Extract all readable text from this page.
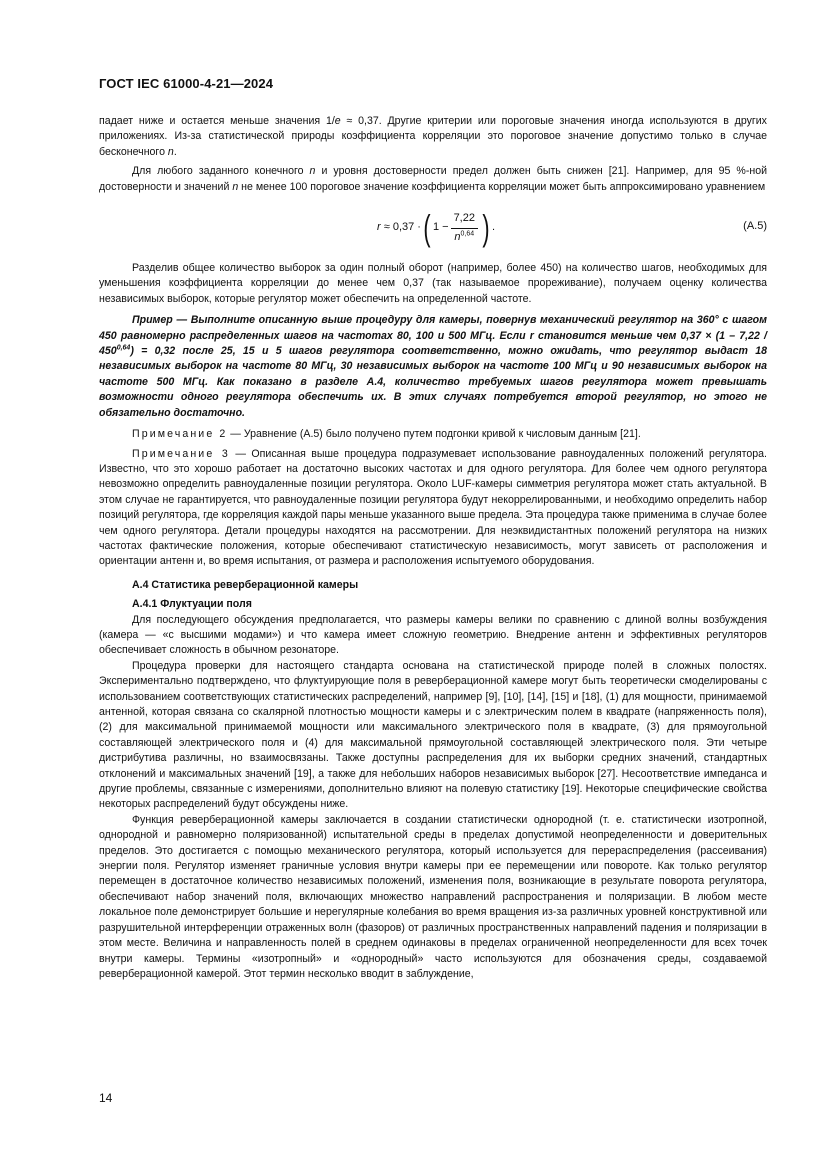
ГОСТ IEC 61000-4-21—2024

падает ниже и остается меньше значения 1/e ≈ 0,37. Другие критерии или пороговые значения иногда используются в других приложениях. Из-за статистической природы коэффициента корреляции это пороговое значение допустимо только в случае бесконечного n.

Для любого заданного конечного n и уровня достоверности предел должен быть снижен [21]. Например, для 95 %-ной достоверности и значений n не менее 100 пороговое значение коэффициента корреляции может быть аппроксимировано уравнением

r ≈ 0,37 · ( $1 - \frac{7,22}{n^{0,64}}$ ) .	(А.5)

Разделив общее количество выборок за один полный оборот (например, более 450) на количество шагов, необходимых для уменьшения коэффициента корреляции до менее чем 0,37 (так называемое прореживание), получаем оценку количества независимых выборок, которые регулятор может обеспечить на определенной частоте.

Пример — Выполните описанную выше процедуру для камеры, повернув механический регулятор на 360° с шагом 450 равномерно распределенных шагов на частотах 80, 100 и 500 МГц. Если r становится меньше чем $0,37 \times (1 - 7,22 / 450^{0,64}) = 0,32$ после 25, 15 и 5 шагов регулятора соответственно, можно ожидать, что регулятор выдаст 18 независимых выборок на частоте 80 МГц, 30 независимых выборок на частоте 100 МГц и 90 независимых выборок на частоте 500 МГц. Как показано в разделе А.4, количество требуемых шагов регулятора может превышать возможности одного регулятора обеспечить их. В этих случаях потребуется второй регулятор, но этого не обязательно достаточно.

Примечание 2 — Уравнение (А.5) было получено путем подгонки кривой к числовым данным [21].

Примечание 3 — Описанная выше процедура подразумевает использование равноудаленных положений регулятора. Известно, что это хорошо работает на достаточно высоких частотах и для одного регулятора. Для более чем одного регулятора невозможно определить равноудаленные позиции регулятора. Около LUF-камеры симметрия регулятора может стать актуальной. В этом случае не гарантируется, что равноудаленные позиции регулятора будут некоррелированными, и необходимо определить набор позиций регулятора, где корреляция каждой пары меньше указанного выше предела. Эта процедура также применима в случае более чем одного регулятора. Детали процедуры находятся на рассмотрении. Для неэквидистантных положений регулятора на низких частотах фактические положения, которые обеспечивают статистическую независимость, могут зависеть от расположения и ориентации антенн и, во время испытания, от размера и расположения испытуемого оборудования.

А.4 Статистика реверберационной камеры

А.4.1 Флуктуации поля

Для последующего обсуждения предполагается, что размеры камеры велики по сравнению с длиной волны возбуждения (камера — «с высшими модами») и что камера имеет сложную геометрию. Внедрение антенн и эффективных регуляторов обеспечивает сложность в обычном резонаторе.

Процедура проверки для настоящего стандарта основана на статистической природе полей в сложных полостях. Экспериментально подтверждено, что флуктуирующие поля в реверберационной камере могут быть теоретически смоделированы с использованием соответствующих статистических распределений, например [9], [10], [14], [15] и [18], (1) для мощности, принимаемой антенной, которая связана со скалярной плотностью мощности камеры и с электрическим полем в квадрате (напряженность поля), (2) для максимальной принимаемой мощности или максимального электрического поля в квадрате, (3) для прямоугольной составляющей электрического поля и (4) для максимальной прямоугольной составляющей электрического поля. Эти четыре дистрибутива различны, но взаимосвязаны. Также доступны распределения для их выборки средних значений, стандартных отклонений и максимальных значений [19], а также для небольших наборов независимых выборок [27]. Несоответствие импеданса и другие проблемы, связанные с измерениями, дополнительно влияют на полевую статистику [19]. Некоторые специфические свойства некоторых распределений будут обсуждены ниже.

Функция реверберационной камеры заключается в создании статистически однородной (т. е. статистически изотропной, однородной и равномерно поляризованной) испытательной среды в пределах допустимой неопределенности и доверительных пределов. Это достигается с помощью механического регулятора, который используется для перераспределения (рассеивания) энергии поля. Регулятор изменяет граничные условия внутри камеры при ее перемещении или повороте. Как только регулятор перемещен в достаточное количество независимых положений, изменения поля, возникающие в результате поворота регулятора, обеспечивают набор значений поля, включающих множество направлений распространения и поляризации. В любом месте локальное поле демонстрирует большие и нерегулярные колебания во время вращения из-за различных уровней конструктивной или разрушительной интерференции отраженных волн (фазоров) от различных пространственных направлений падения и поляризации в этом месте. Величина и направленность полей в среднем одинаковы в пределах ограниченной неопределенности для всех точек внутри камеры. Термины «изотропный» и «однородный» часто используются для обозначения среды, создаваемой реверберационной камерой. Этот термин несколько вводит в заблуждение,

14
